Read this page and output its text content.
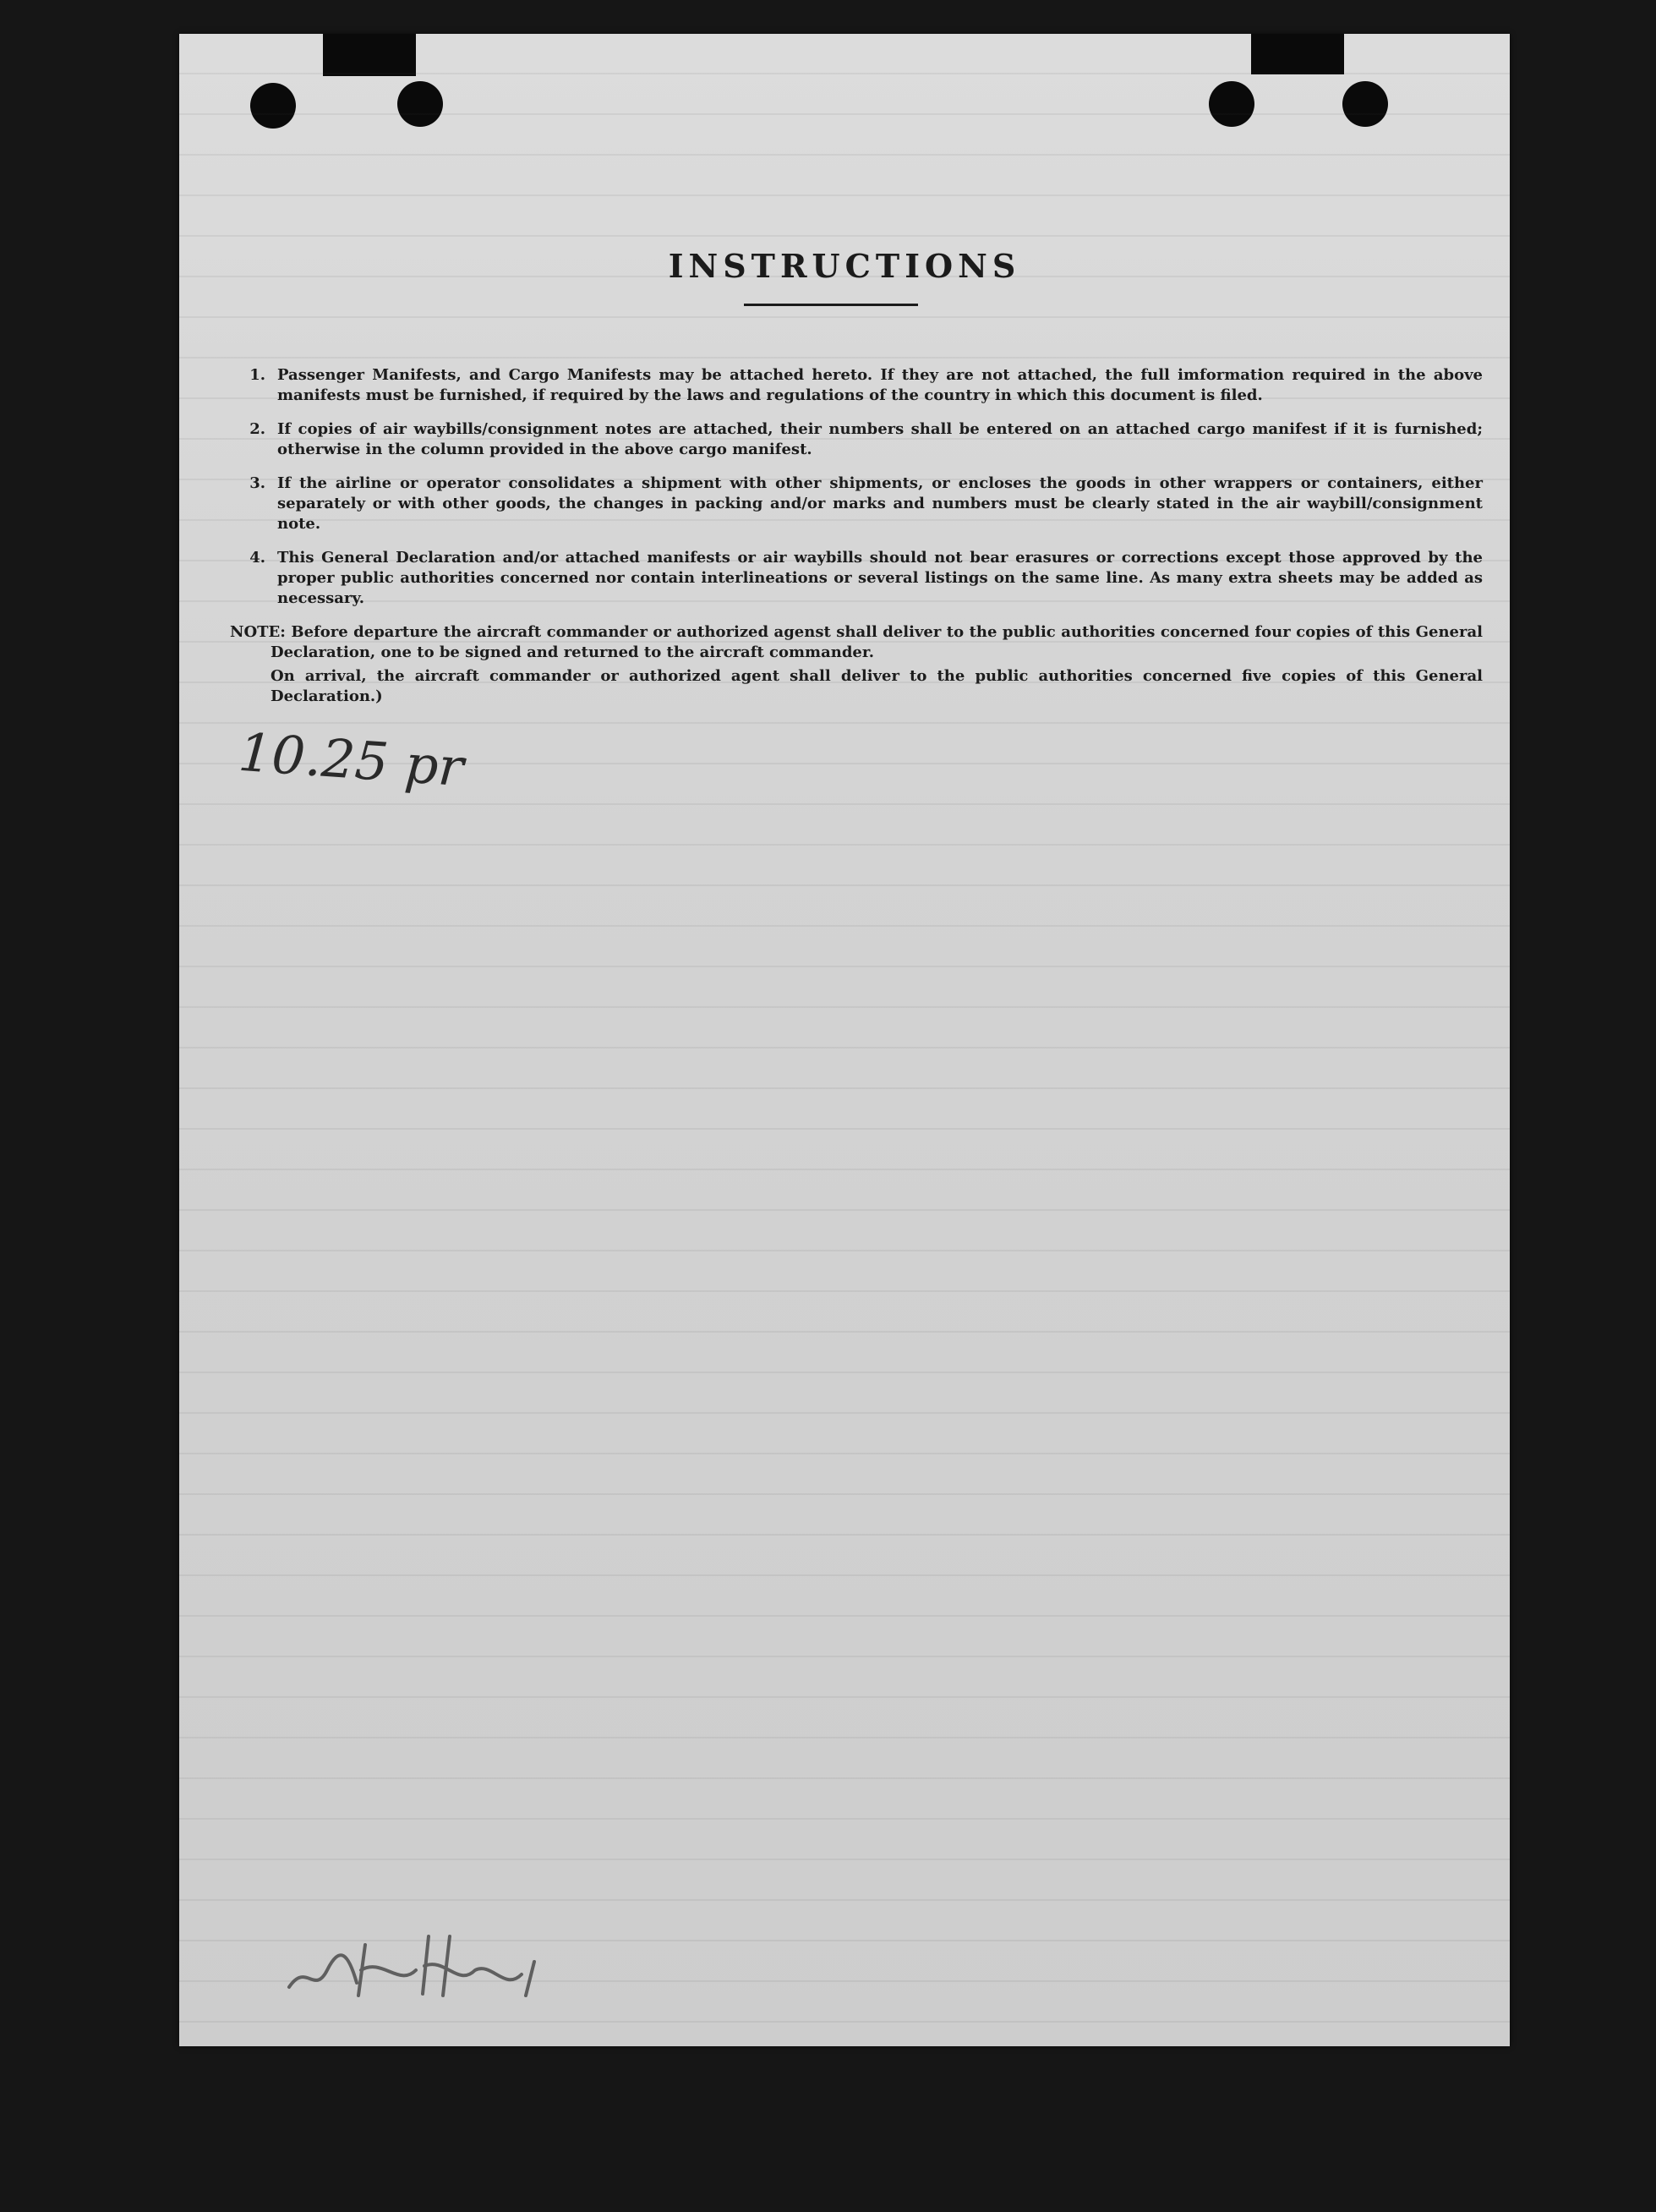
INSTRUCTIONS
1. Passenger Manifests, and Cargo Manifests may be attached hereto. If they are not attached, the full imformation required in the above manifests must be furnished, if required by the laws and regulations of the country in which this document is filed.
2. If copies of air waybills/consignment notes are attached, their numbers shall be entered on an attached cargo manifest if it is furnished; otherwise in the column provided in the above cargo manifest.
3. If the airline or operator consolidates a shipment with other shipments, or encloses the goods in other wrappers or containers, either separately or with other goods, the changes in packing and/or marks and numbers must be clearly stated in the air waybill/consignment note.
4. This General Declaration and/or attached manifests or air waybills should not bear erasures or corrections except those approved by the proper public authorities concerned nor contain interlineations or several listings on the same line. As many extra sheets may be added as necessary.
NOTE: Before departure the aircraft commander or authorized agenst shall deliver to the public authorities concerned four copies of this General Declaration, one to be signed and returned to the aircraft commander.
On arrival, the aircraft commander or authorized agent shall deliver to the public authorities concerned five copies of this General Declaration.)
10.25 pr
